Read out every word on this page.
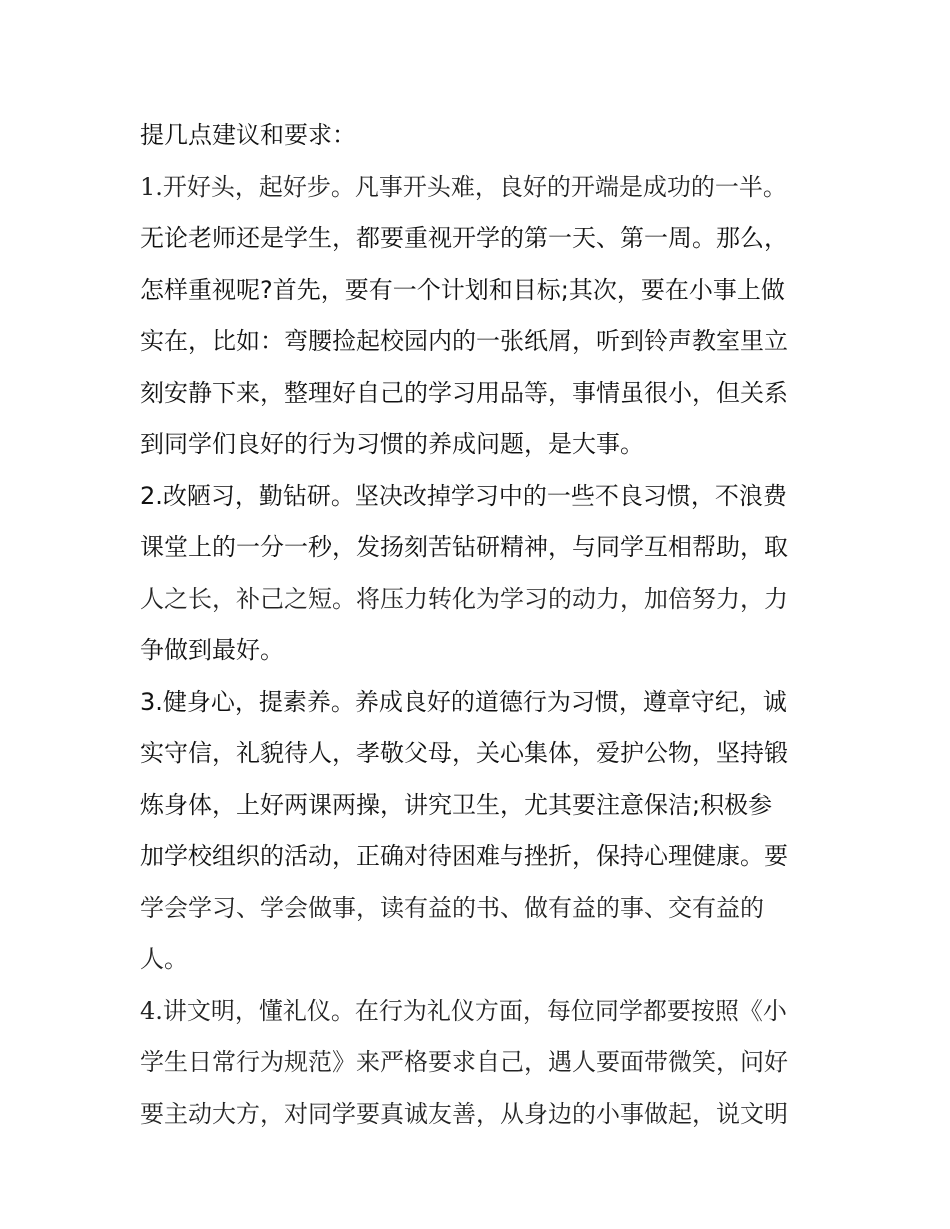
提几点建议和要求：
1.开好头，起好步。凡事开头难，良好的开端是成功的一半。
无论老师还是学生，都要重视开学的第一天、第一周。那么，
怎样重视呢?首先，要有一个计划和目标;其次，要在小事上做
实在，比如：弯腰捡起校园内的一张纸屑，听到铃声教室里立
刻安静下来，整理好自己的学习用品等，事情虽很小，但关系
到同学们良好的行为习惯的养成问题，是大事。
2.改陋习，勤钻研。坚决改掉学习中的一些不良习惯，不浪费
课堂上的一分一秒，发扬刻苦钻研精神，与同学互相帮助，取
人之长，补己之短。将压力转化为学习的动力，加倍努力，力
争做到最好。
3.健身心，提素养。养成良好的道德行为习惯，遵章守纪，诚
实守信，礼貌待人，孝敬父母，关心集体，爱护公物，坚持锻
炼身体，上好两课两操，讲究卫生，尤其要注意保洁;积极参
加学校组织的活动，正确对待困难与挫折，保持心理健康。要
学会学习、学会做事，读有益的书、做有益的事、交有益的
人。
4.讲文明，懂礼仪。在行为礼仪方面，每位同学都要按照《小
学生日常行为规范》来严格要求自己，遇人要面带微笑，问好
要主动大方，对同学要真诚友善，从身边的小事做起，说文明
